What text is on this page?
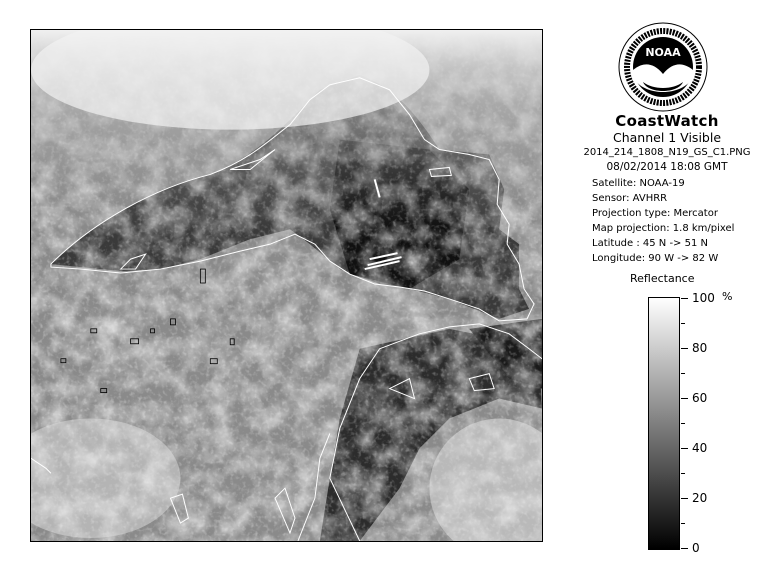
NOAA
CoastWatch
Channel 1 Visible
2014_214_1808_N19_GS_C1.PNG
08/02/2014 18:08 GMT
Satellite: NOAA-19
Sensor: AVHRR
Projection type: Mercator
Map projection: 1.8 km/pixel
Latitude : 45 N -> 51 N
Longitude: 90 W -> 82 W
Reflectance
%
100
80
60
40
20
0
